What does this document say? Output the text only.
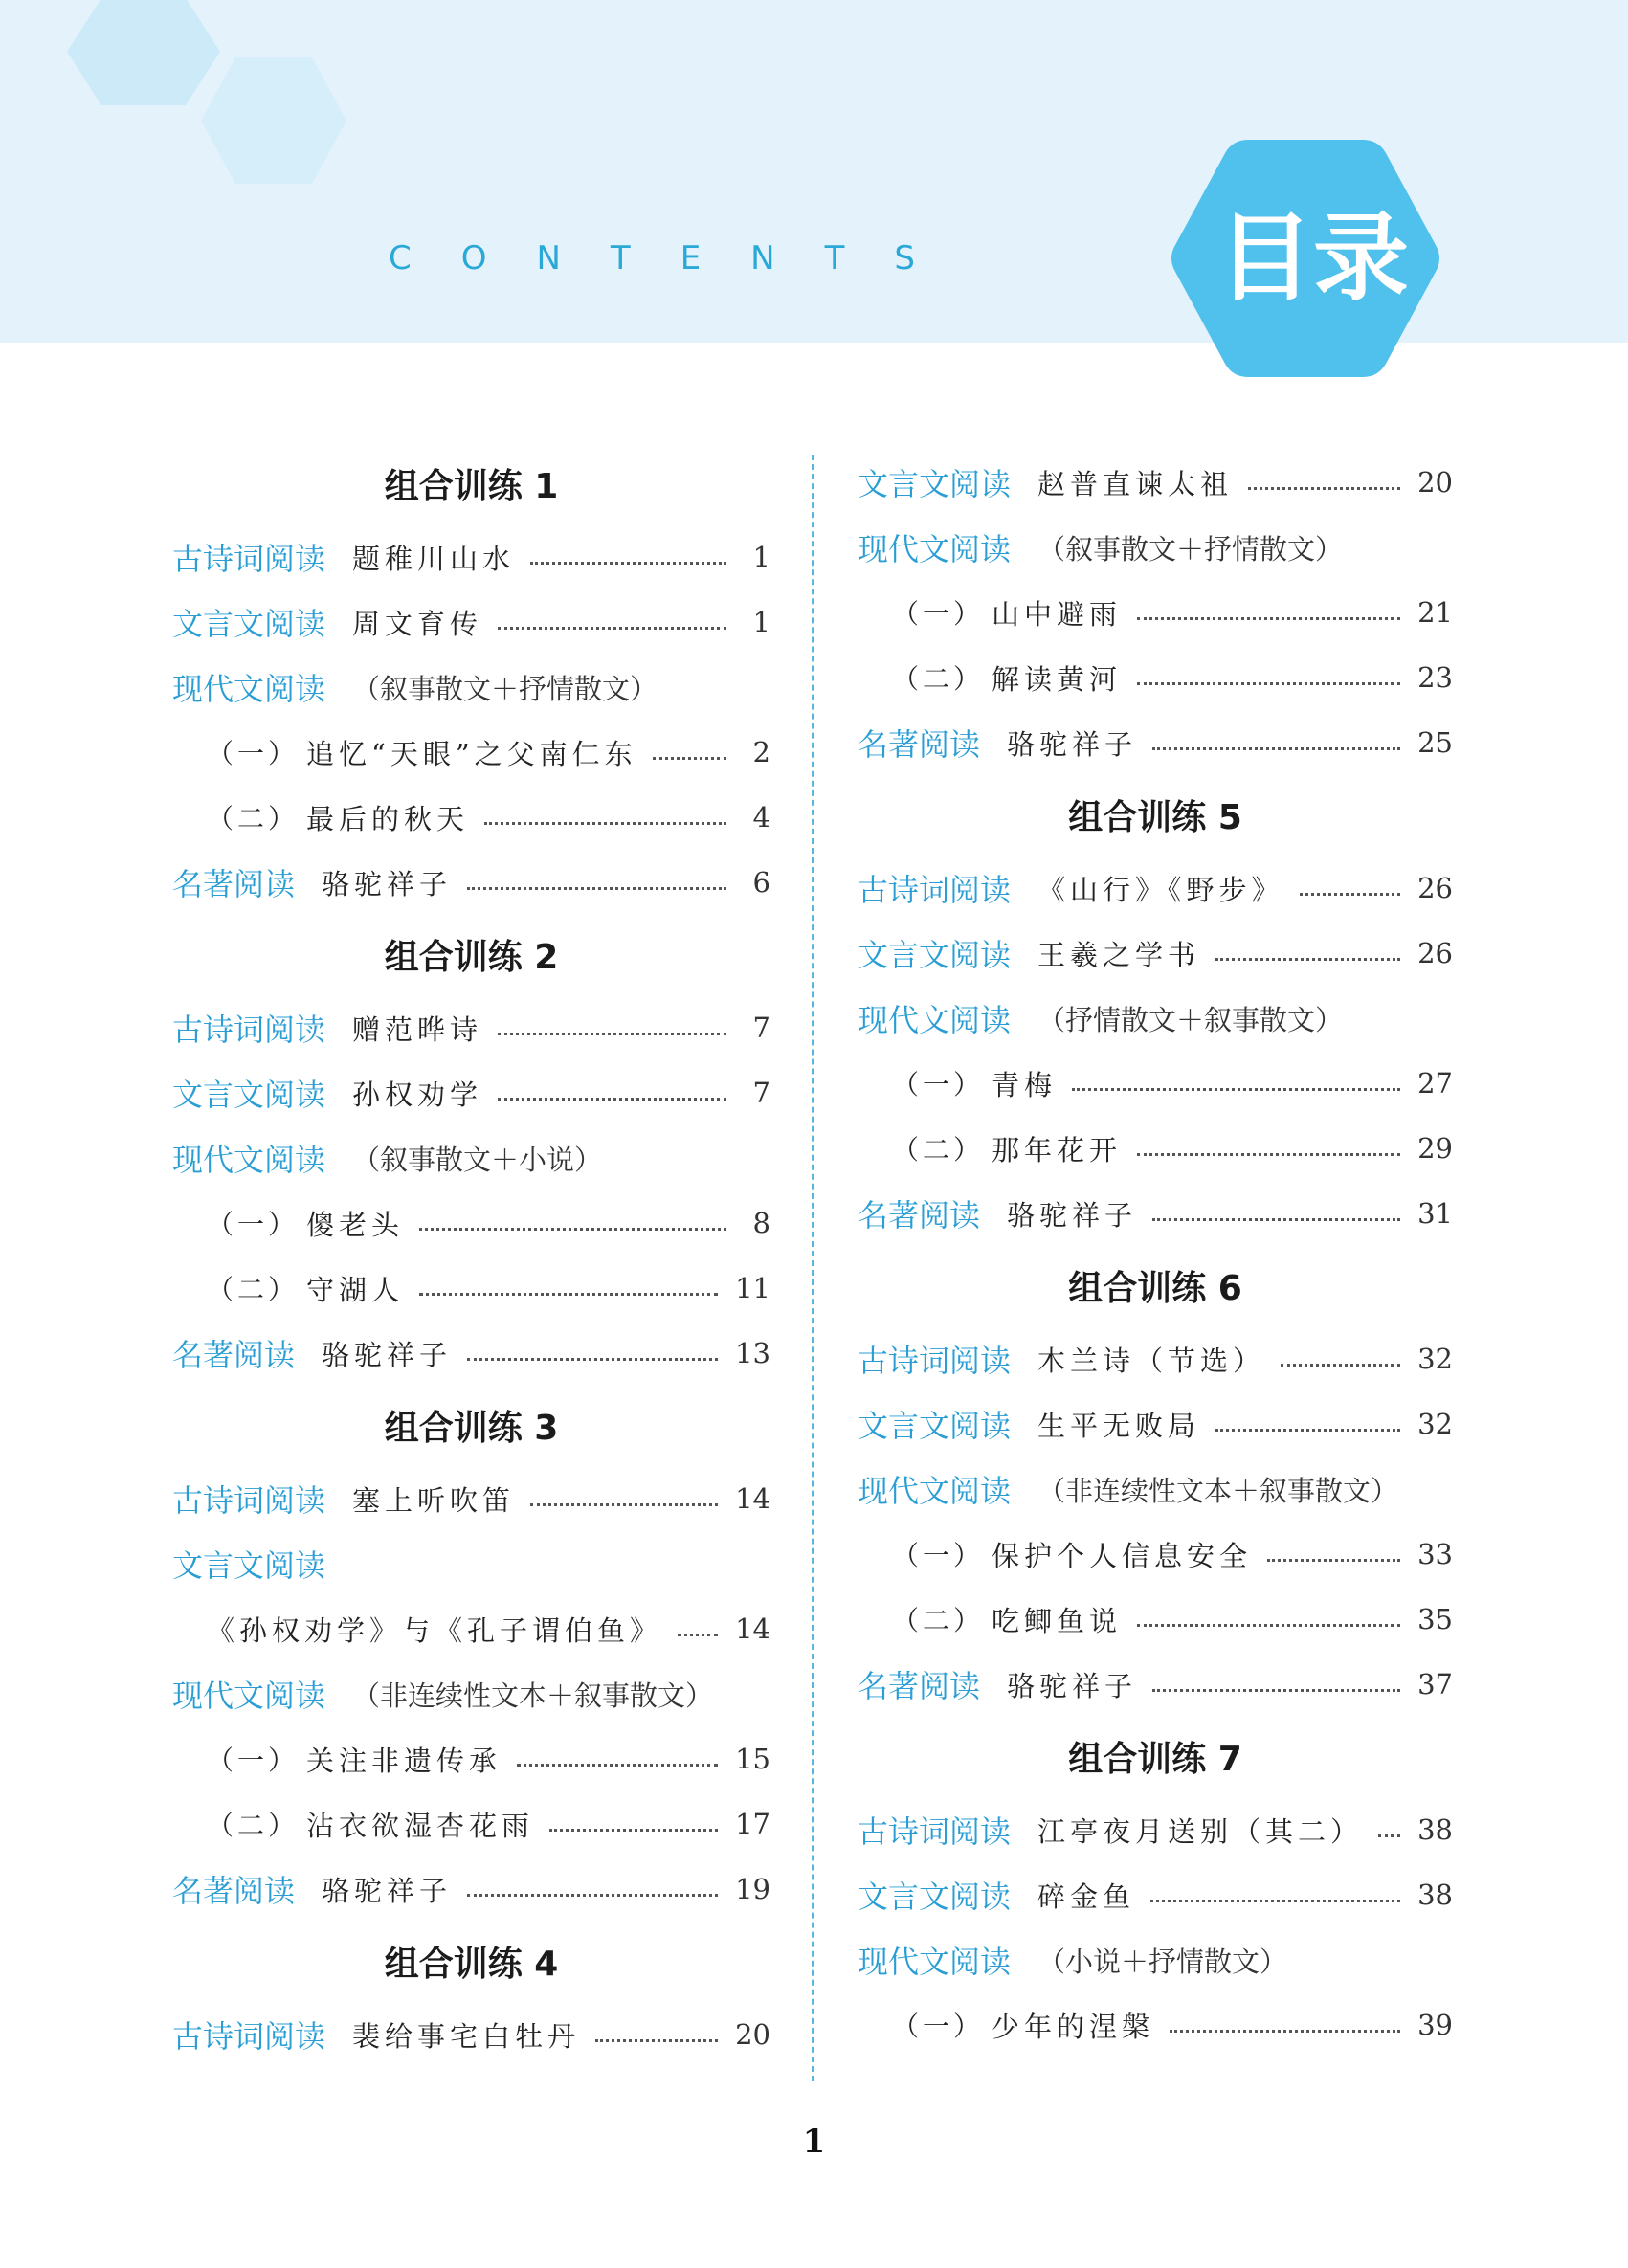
CONTENTS	目录
组合训练 1
古诗词阅读 题稚川山水	1
文言文阅读 周文育传	1
现代文阅读 （叙事散文＋抒情散文）
（一） 追忆“天眼”之父南仁东	2
（二） 最后的秋天	4
名著阅读 骆驼祥子	6
组合训练 2
古诗词阅读 赠范晔诗	7
文言文阅读 孙权劝学	7
现代文阅读 （叙事散文＋小说）
（一） 傻老头	8
（二） 守湖人	11
名著阅读 骆驼祥子	13
组合训练 3
古诗词阅读 塞上听吹笛	14
文言文阅读
《孙权劝学》与《孔子谓伯鱼》	14
现代文阅读 （非连续性文本＋叙事散文）
（一） 关注非遗传承	15
（二） 沾衣欲湿杏花雨	17
名著阅读 骆驼祥子	19
组合训练 4
古诗词阅读 裴给事宅白牡丹	20
文言文阅读 赵普直谏太祖	20
现代文阅读 （叙事散文＋抒情散文）
（一） 山中避雨	21
（二） 解读黄河	23
名著阅读 骆驼祥子	25
组合训练 5
古诗词阅读 《山行》《野步》	26
文言文阅读 王羲之学书	26
现代文阅读 （抒情散文＋叙事散文）
（一） 青梅	27
（二） 那年花开	29
名著阅读 骆驼祥子	31
组合训练 6
古诗词阅读 木兰诗（节选）	32
文言文阅读 生平无败局	32
现代文阅读 （非连续性文本＋叙事散文）
（一） 保护个人信息安全	33
（二） 吃鲫鱼说	35
名著阅读 骆驼祥子	37
组合训练 7
古诗词阅读 江亭夜月送别（其二） 38
文言文阅读 碎金鱼	38
现代文阅读 （小说＋抒情散文）
（一） 少年的涅槃	39
1
